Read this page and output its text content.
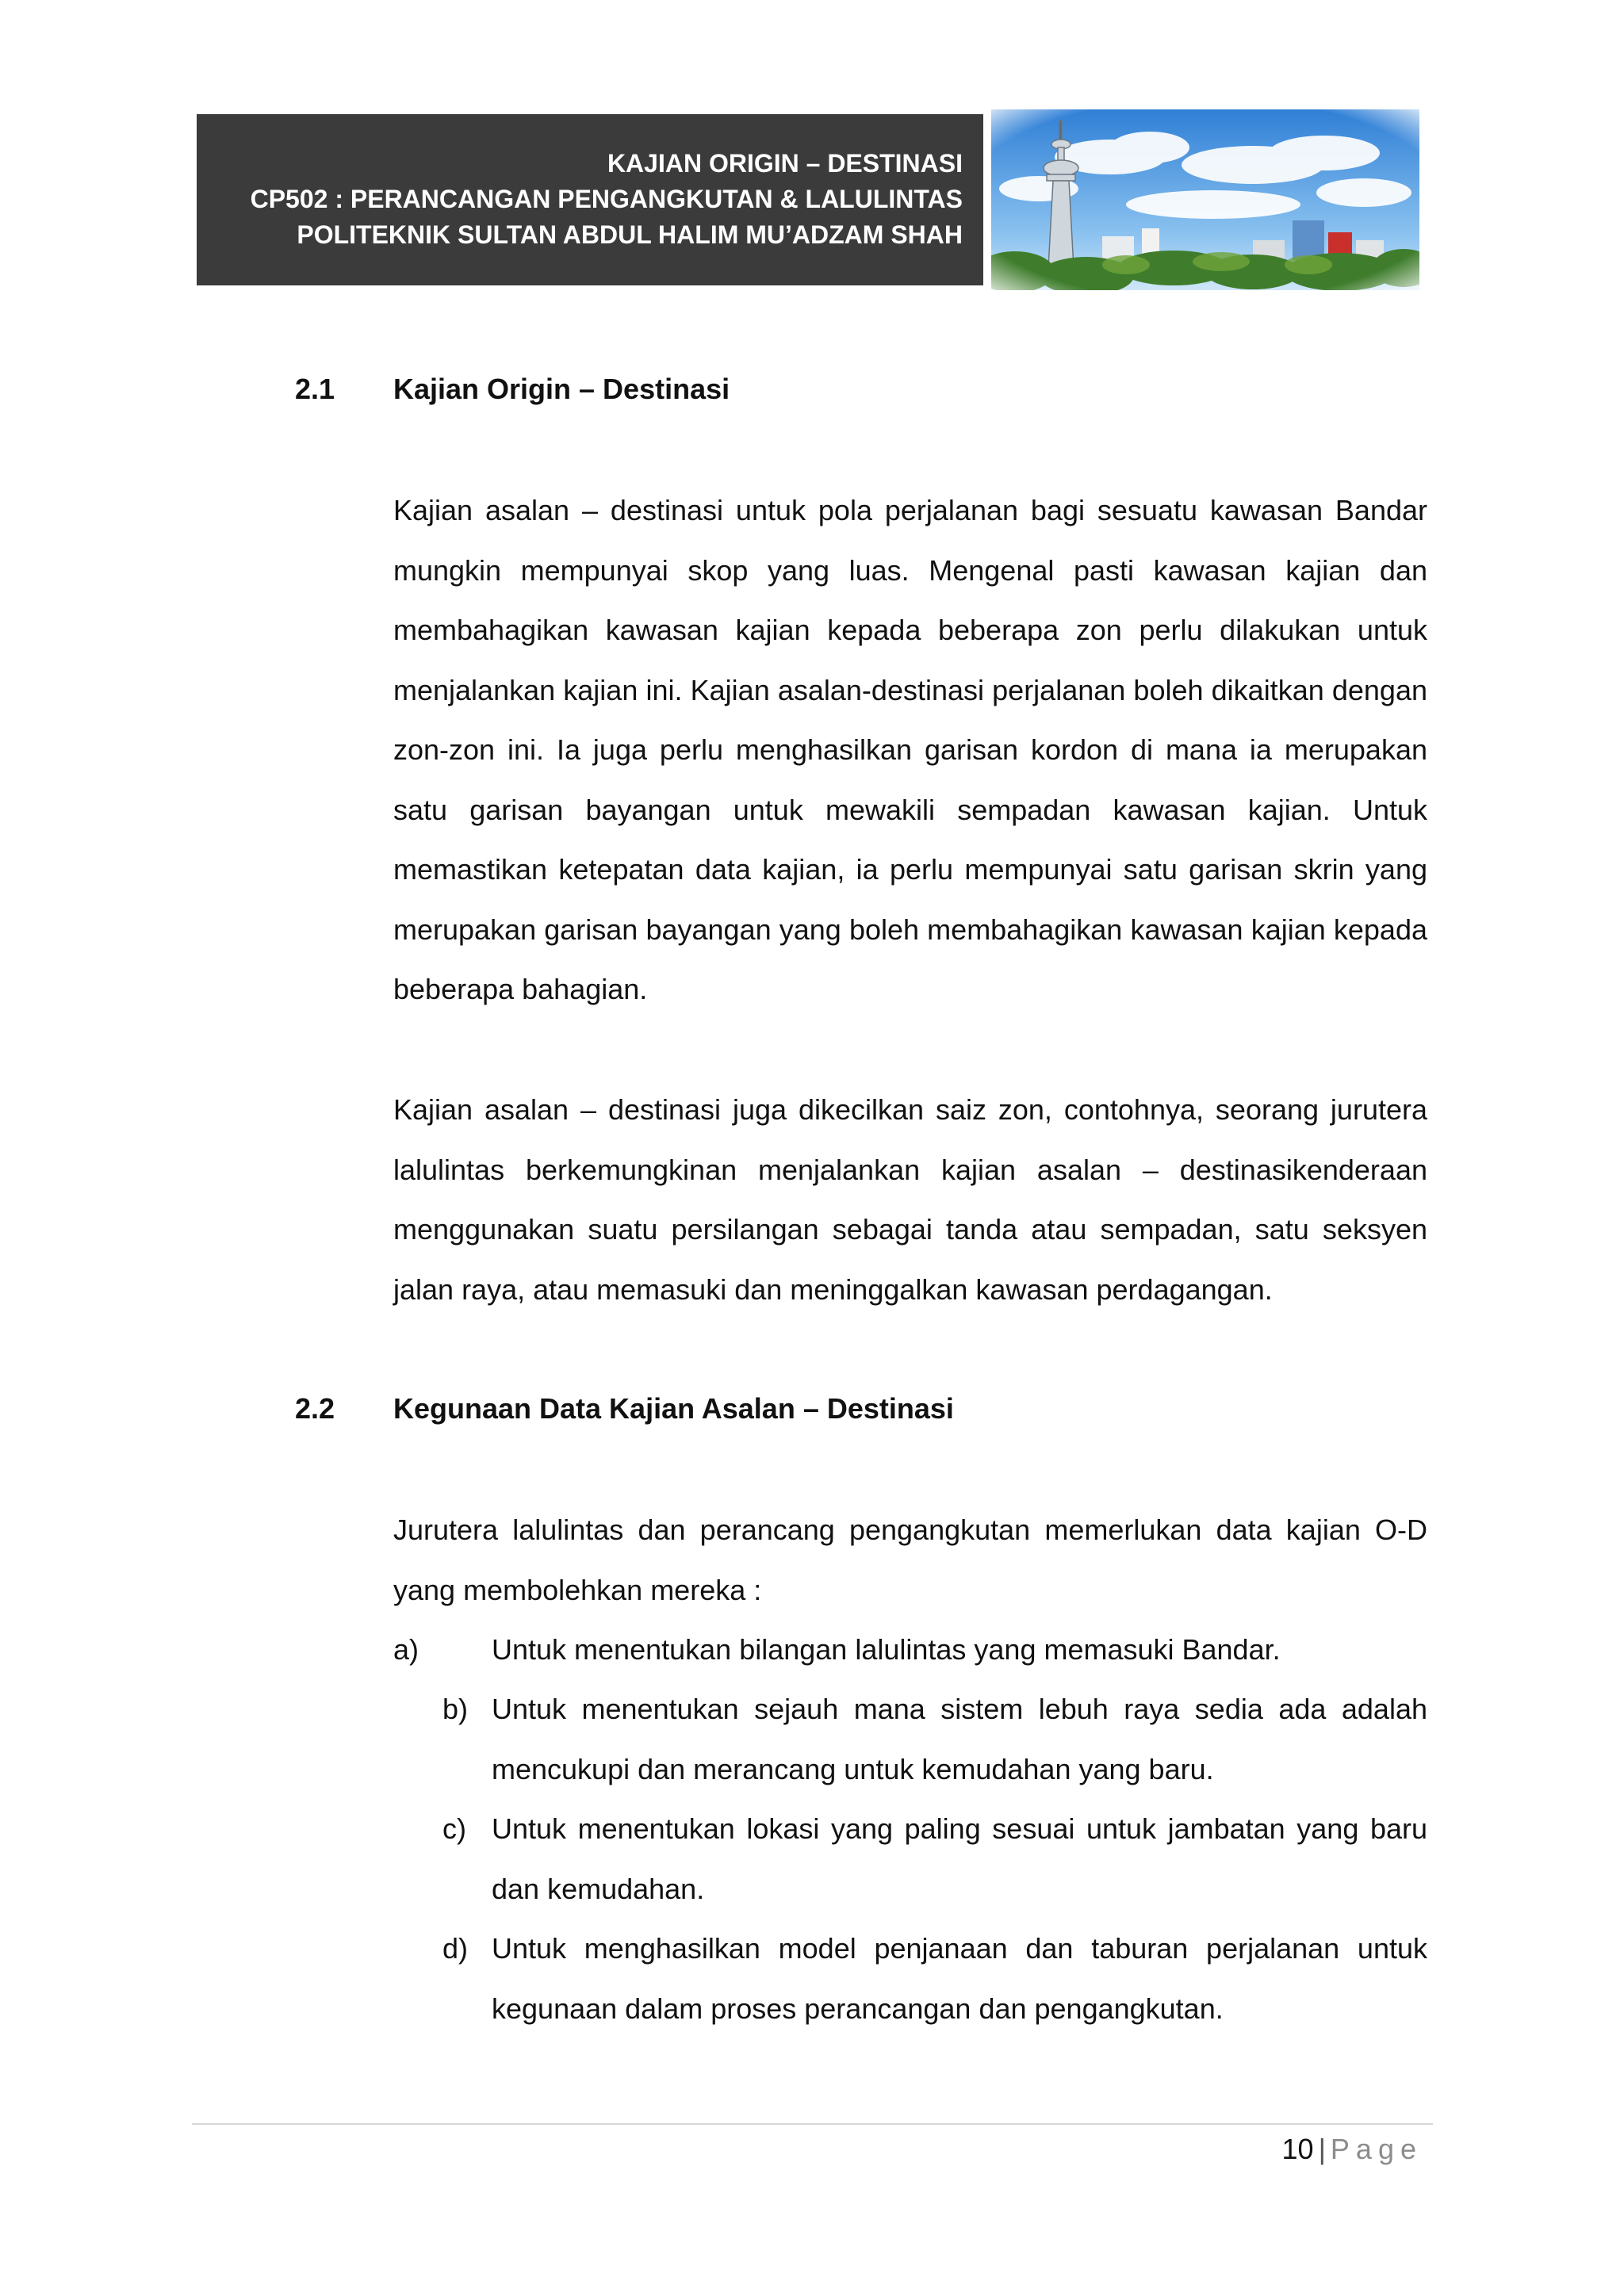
KAJIAN ORIGIN – DESTINASI
CP502 : PERANCANGAN PENGANGKUTAN & LALULINTAS
POLITEKNIK SULTAN ABDUL HALIM MU’ADZAM SHAH
2.1 Kajian Origin – Destinasi

Kajian asalan – destinasi untuk pola perjalanan bagi sesuatu kawasan Bandar mungkin mempunyai skop yang luas. Mengenal pasti kawasan kajian dan membahagikan kawasan kajian kepada beberapa zon perlu dilakukan untuk menjalankan kajian ini. Kajian asalan-destinasi perjalanan boleh dikaitkan dengan zon-zon ini. Ia juga perlu menghasilkan garisan kordon di mana ia merupakan satu garisan bayangan untuk mewakili sempadan kawasan kajian. Untuk memastikan ketepatan data kajian, ia perlu mempunyai satu garisan skrin yang merupakan garisan bayangan yang boleh membahagikan kawasan kajian kepada beberapa bahagian.

Kajian asalan – destinasi juga dikecilkan saiz zon, contohnya, seorang jurutera lalulintas berkemungkinan menjalankan kajian asalan – destinasikenderaan menggunakan suatu persilangan sebagai tanda atau sempadan, satu seksyen jalan raya, atau memasuki dan meninggalkan kawasan perdagangan.

2.2 Kegunaan Data Kajian Asalan – Destinasi

Jurutera lalulintas dan perancang pengangkutan memerlukan data kajian O-D yang membolehkan mereka :

a)	Untuk menentukan bilangan lalulintas yang memasuki Bandar.
b) Untuk menentukan sejauh mana sistem lebuh raya sedia ada adalah mencukupi dan merancang untuk kemudahan yang baru.
c) Untuk menentukan lokasi yang paling sesuai untuk jambatan yang baru dan kemudahan.
d) Untuk menghasilkan model penjanaan dan taburan perjalanan untuk kegunaan dalam proses perancangan dan pengangkutan.
10 | Page
